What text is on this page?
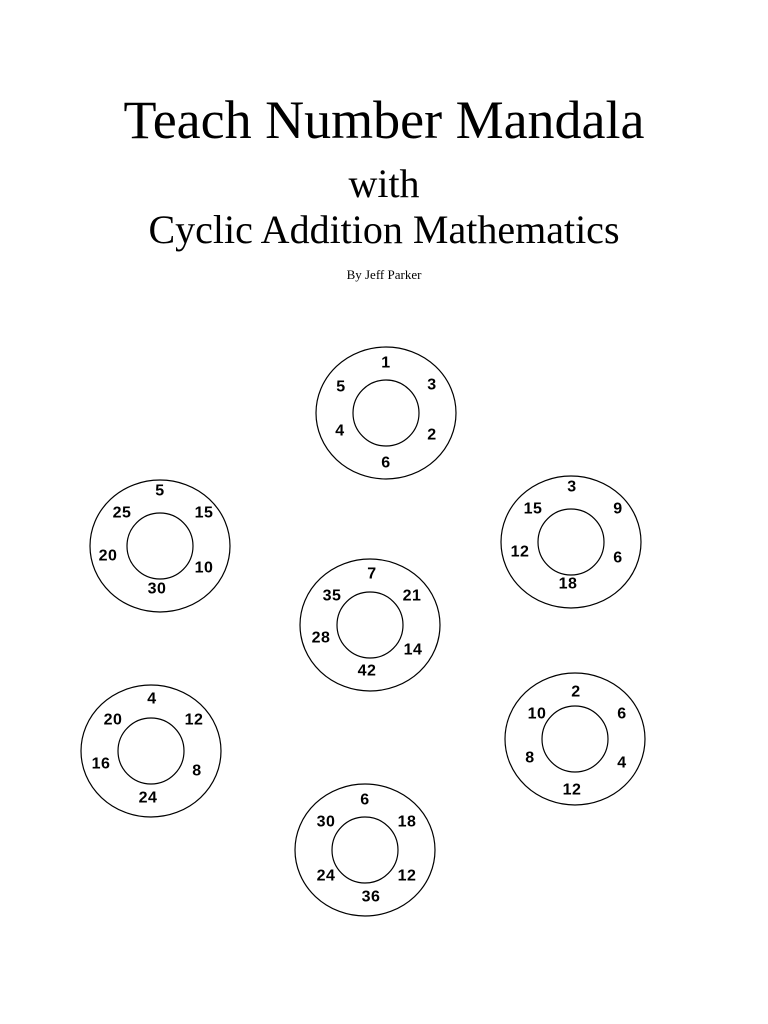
Teach Number Mandala
with
Cyclic Addition Mathematics
By Jeff Parker
1
3
2
6
4
5
5
15
10
30
20
25
3
9
6
18
12
15
7
21
14
42
28
35
4
12
8
24
16
20
2
6
4
12
8
10
6
18
12
36
24
30
